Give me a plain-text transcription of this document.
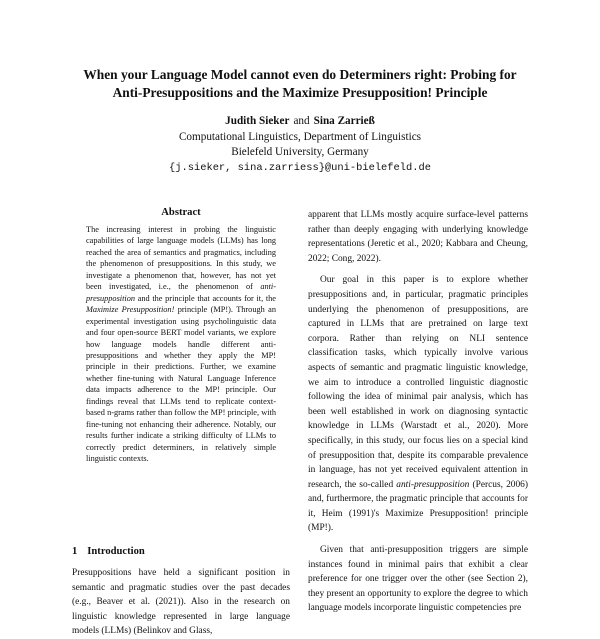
When your Language Model cannot even do Determiners right: Probing for
Anti-Presuppositions and the Maximize Presupposition! Principle
Judith Sieker and Sina Zarrieß
Computational Linguistics, Department of Linguistics
Bielefeld University, Germany
{j.sieker, sina.zarriess}@uni-bielefeld.de
Abstract

The increasing interest in probing the linguistic capabilities of large language models (LLMs) has long reached the area of semantics and pragmatics, including the phenomenon of presuppositions. In this study, we investigate a phenomenon that, however, has not yet been investigated, i.e., the phenomenon of anti-presupposition and the principle that accounts for it, the Maximize Presupposition! principle (MP!). Through an experimental investigation using psycholinguistic data and four open-source BERT model variants, we explore how language models handle different anti-presuppositions and whether they apply the MP! principle in their predictions. Further, we examine whether fine-tuning with Natural Language Inference data impacts adherence to the MP! principle. Our findings reveal that LLMs tend to replicate context-based n-grams rather than follow the MP! principle, with fine-tuning not enhancing their adherence. Notably, our results further indicate a striking difficulty of LLMs to correctly predict determiners, in relatively simple linguistic contexts.

1 Introduction

Presuppositions have held a significant position in semantic and pragmatic studies over the past decades (e.g., Beaver et al. (2021)). Also in the research on linguistic knowledge represented in large language models (LLMs) (Belinkov and Glass,

apparent that LLMs mostly acquire surface-level patterns rather than deeply engaging with underlying knowledge representations (Jeretic et al., 2020; Kabbara and Cheung, 2022; Cong, 2022).

Our goal in this paper is to explore whether presuppositions and, in particular, pragmatic principles underlying the phenomenon of presuppositions, are captured in LLMs that are pretrained on large text corpora. Rather than relying on NLI sentence classification tasks, which typically involve various aspects of semantic and pragmatic linguistic knowledge, we aim to introduce a controlled linguistic diagnostic following the idea of minimal pair analysis, which has been well established in work on diagnosing syntactic knowledge in LLMs (Warstadt et al., 2020). More specifically, in this study, our focus lies on a special kind of presupposition that, despite its comparable prevalence in language, has not yet received equivalent attention in research, the so-called anti-presupposition (Percus, 2006) and, furthermore, the pragmatic principle that accounts for it, Heim (1991)'s Maximize Presupposition! principle (MP!).

Given that anti-presupposition triggers are simple instances found in minimal pairs that exhibit a clear preference for one trigger over the other (see Section 2), they present an opportunity to explore the degree to which language models incorporate linguistic competencies pre
